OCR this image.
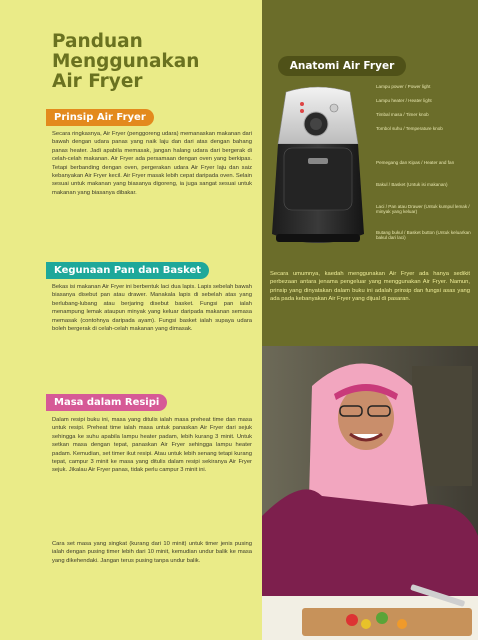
Panduan
Menggunakan
Air Fryer
Prinsip Air Fryer
Secara ringkasnya, Air Fryer (penggoreng udara) memanaskan makanan dari bawah dengan udara panas yang naik laju dan dari atas dengan bahang panas heater. Jadi apabila memasak, jangan halang udara dari bergerak di celah-celah makanan. Air Fryer ada persamaan dengan oven yang berkipas. Tetapi berbanding dengan oven, pergerakan udara Air Fryer laju dan saiz kebanyakan Air Fryer kecil. Air Fryer masak lebih cepat daripada oven. Selain sesuai untuk makanan yang biasanya digoreng, ia juga sangat sesuai untuk makanan yang biasanya dibakar.
Kegunaan Pan dan Basket
Bekas isi makanan Air Fryer ini berbentuk laci dua lapis. Lapis sebelah bawah biasanya disebut pan atau drawer. Manakala lapis di sebelah atas yang berlubang-lubang atau berjaring disebut basket. Fungsi pan ialah menampung lemak ataupun minyak yang keluar daripada makanan semasa memasak (contohnya daripada ayam). Fungsi basket ialah supaya udara boleh bergerak di celah-celah makanan yang dimasak.
Masa dalam Resipi
Dalam resipi buku ini, masa yang ditulis ialah masa preheat time dan masa untuk resipi. Preheat time ialah masa untuk panaskan Air Fryer dari sejuk sehingga ke suhu apabila lampu heater padam, lebih kurang 3 minit. Untuk setkan masa dengan tepat, panaskan Air Fryer sehingga lampu heater padam. Kemudian, set timer ikut resipi. Atau untuk lebih senang tetapi kurang tepat, campur 3 minit ke masa yang ditulis dalam resipi sekiranya Air Fryer sejuk. Jikalau Air Fryer panas, tidak perlu campur 3 minit ini.
Cara set masa yang singkat (kurang dari 10 minit) untuk timer jenis pusing ialah dengan pusing timer lebih dari 10 minit, kemudian undur balik ke masa yang dikehendaki. Jangan terus pusing tanpa undur balik.
Anatomi Air Fryer
Lampu power / Power light
Lampu heater / Heater light
Timbal masa / Timer knob
Tombol suhu / Temperature knob
Pemegang dan Kipas / Heater and fan
Bakul / Basket (Untuk isi makanan)
Laci / Pan atau Drawer (Untuk kumpul lemak / minyak yang keluar)
Butang bukul / Basket button (Untuk keluarkan bakul dari laci)
Secara umumnya, kaedah menggunakan Air Fryer ada hanya sedikit perbezaan antara jenama pengeluar yang menggunakan Air Fryer. Namun, prinsip yang dinyatakan dalam buku ini adalah prinsip dan fungsi asas yang ada pada kebanyakan Air Fryer yang dijual di pasaran.
